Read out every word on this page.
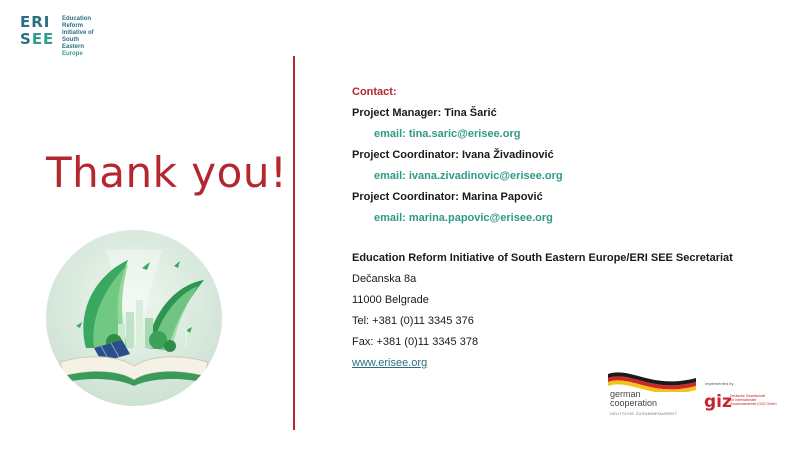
ERI
SEE
Education
Reform
Initiative of
South
Eastern
Europe
Thank you!
Contact:
Project Manager: Tina Šarić
email: tina.saric@erisee.org
Project Coordinator: Ivana Živadinović
email: ivana.zivadinovic@erisee.org
Project Coordinator: Marina Papović
email: marina.papovic@erisee.org
Education Reform Initiative of South Eastern Europe/ERI SEE Secretariat
Dečanska 8a
11000 Belgrade
Tel: +381 (0)11 3345 376
Fax: +381 (0)11 3345 378
www.erisee.org
german
cooperation
DEUTSCHE ZUSAMMENARBEIT
Implemented by
giz
Deutsche Gesellschaft
für Internationale
Zusammenarbeit (GIZ) GmbH
